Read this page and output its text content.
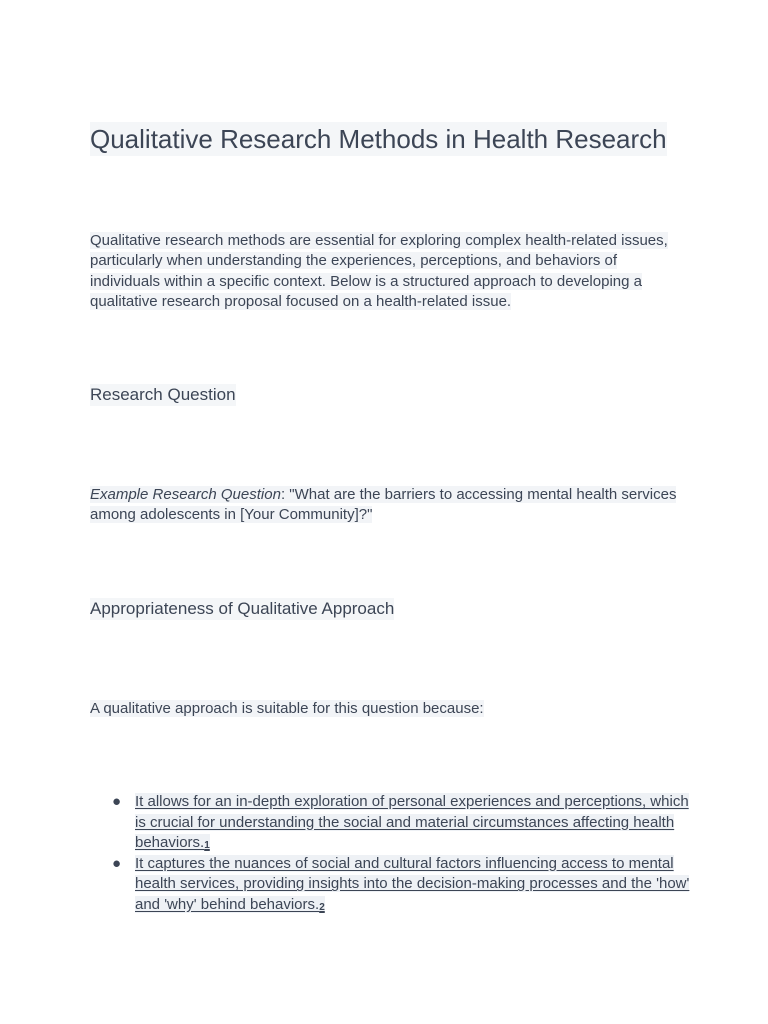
Qualitative Research Methods in Health Research

Qualitative research methods are essential for exploring complex health-related issues, particularly when understanding the experiences, perceptions, and behaviors of individuals within a specific context. Below is a structured approach to developing a qualitative research proposal focused on a health-related issue.

Research Question

Example Research Question: "What are the barriers to accessing mental health services among adolescents in [Your Community]?"

Appropriateness of Qualitative Approach

A qualitative approach is suitable for this question because:

● It allows for an in-depth exploration of personal experiences and perceptions, which is crucial for understanding the social and material circumstances affecting health behaviors.$^1$
● It captures the nuances of social and cultural factors influencing access to mental health services, providing insights into the decision-making processes and the 'how' and 'why' behind behaviors.$^2$
